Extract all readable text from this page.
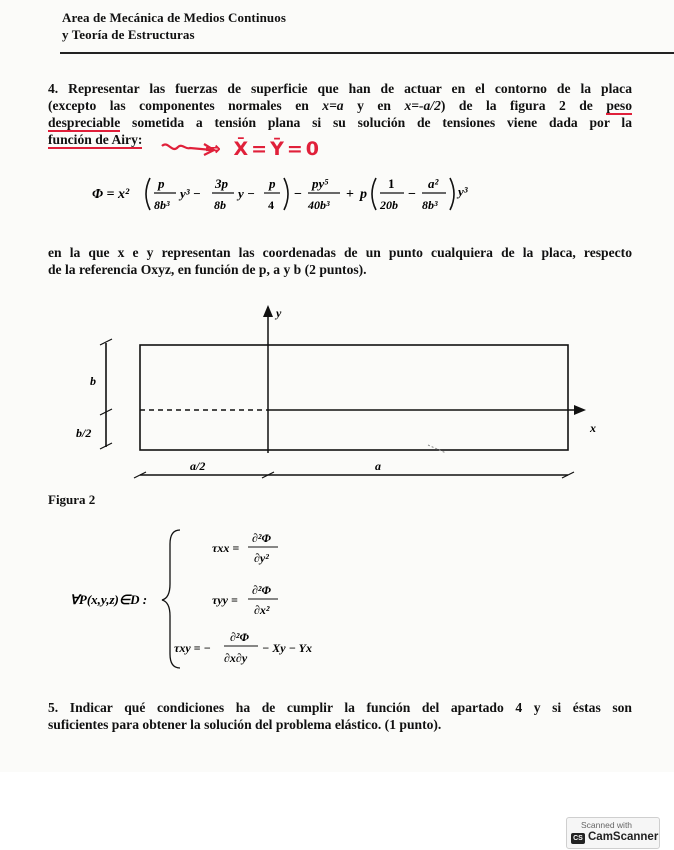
Area de Mecánica de Medios Continuos
y Teoría de Estructuras
4. Representar las fuerzas de superficie que han de actuar en el contorno de la placa
(excepto las componentes normales en x=a y en x=-a/2) de la figura 2 de peso
despreciable sometida a tensión plana si su solución de tensiones viene dada por la
función de Airy:	⇒ X̄=Ȳ=0
Φ = x²
p
8b³
y³ −
3p
8b
y −
p
4
−
py⁵
40b³
+ p
1
20b
−
a²
8b³
y³
en la que x e y representan las coordenadas de un punto cualquiera de la placa, respecto
de la referencia Oxyz, en función de p, a y b (2 puntos).
y
x
b
b/2
a/2	a
Figura 2
∀P(x,y,z)∈D :
τxx =
∂²Φ
∂y²
τyy =
∂²Φ
∂x²
τxy = −
∂²Φ
∂x∂y
− Xy − Yx
5. Indicar qué condiciones ha de cumplir la función del apartado 4 y si éstas son
suficientes para obtener la solución del problema elástico. (1 punto).
Scanned with
CS CamScanner
